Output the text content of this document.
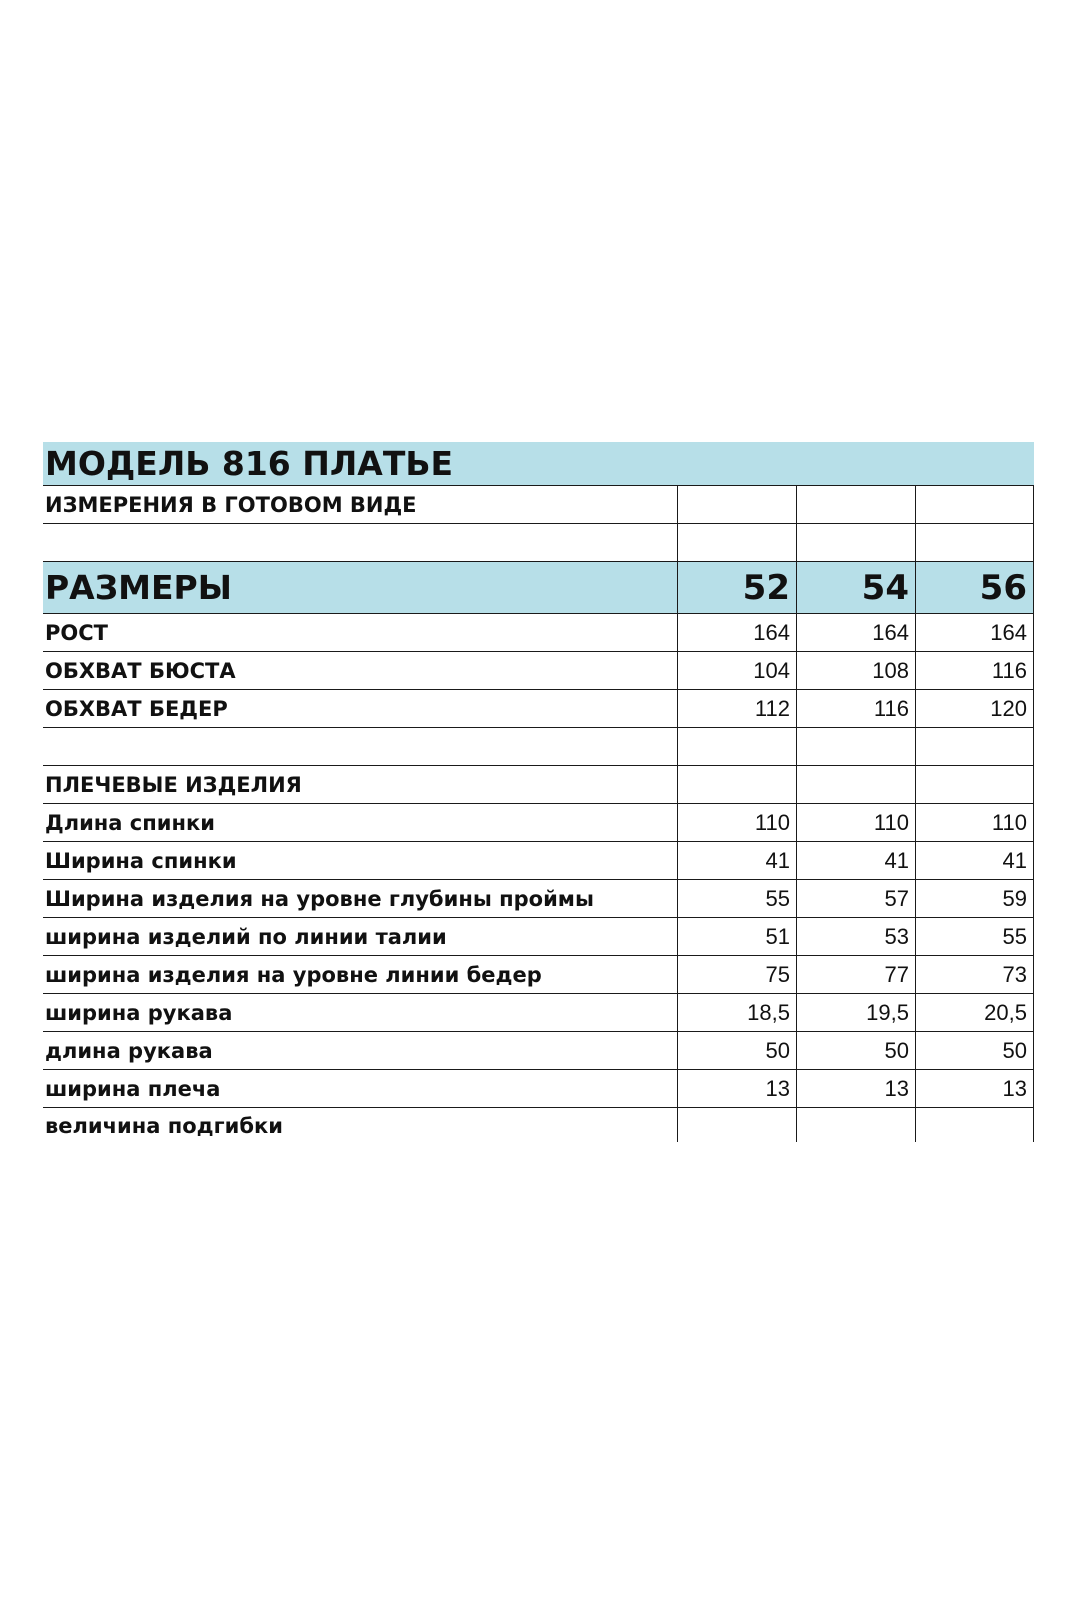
МОДЕЛЬ 816 ПЛАТЬЕ
ИЗМЕРЕНИЯ В ГОТОВОМ ВИДЕ
РАЗМЕРЫ	52	54	56
РОСТ	164	164	164
ОБХВАТ БЮСТА	104	108	116
ОБХВАТ БЕДЕР	112	116	120
ПЛЕЧЕВЫЕ ИЗДЕЛИЯ
Длина спинки	110	110	110
Ширина спинки	41	41	41
Ширина изделия на уровне глубины проймы	55	57	59
ширина изделий по линии талии	51	53	55
ширина изделия на уровне линии бедер	75	77	73
ширина рукава	18,5	19,5	20,5
длина рукава	50	50	50
ширина плеча	13	13	13
величина подгибки
